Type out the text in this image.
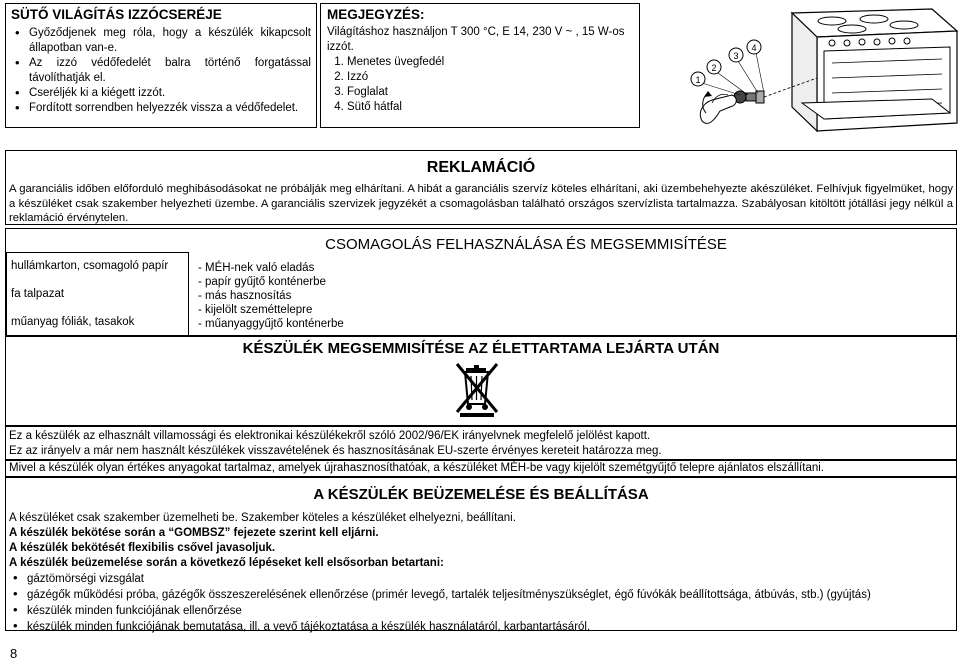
SÜTŐ VILÁGÍTÁS IZZÓCSERÉJE
• Győződjenek meg róla, hogy a készülék kikapcsolt állapotban van-e.
• Az izzó védőfedelét balra történő forgatással távolíthatják el.
• Cseréljék ki a kiégett izzót.
• Fordított sorrendben helyezzék vissza a védőfedelet.
MEGJEGYZÉS:
Világításhoz használjon T 300 °C, E 14, 230 V ~ , 15 W-os izzót.
1. Menetes üvegfedél
2. Izzó
3. Foglalat
4. Sütő hátfal
1
2
3
4
REKLAMÁCIÓ
A garanciális időben előforduló meghibásodásokat ne próbálják meg elhárítani. A hibát a garanciális szervíz köteles elhárítani, aki üzembehehyezte akészüléket. Felhívjuk figyelmüket, hogy a készüléket csak szakember helyezheti üzembe. A garanciális szervizek jegyzékét a csomagolásban található országos szervízlista tartalmazza. Szabályosan kitöltött jótállási jegy nélkül a reklamáció érvénytelen.
CSOMAGOLÁS FELHASZNÁLÁSA ÉS MEGSEMMISÍTÉSE
hullámkarton, csomagoló papír
fa talpazat
műanyag fóliák, tasakok
- MÉH-nek való eladás
- papír gyűjtő konténerbe
- más hasznosítás
- kijelölt szeméttelepre
- műanyaggyűjtő konténerbe
KÉSZÜLÉK MEGSEMMISÍTÉSE AZ ÉLETTARTAMA LEJÁRTA UTÁN
Ez a készülék az elhasznált villamossági és elektronikai készülékekről szóló 2002/96/EK irányelvnek megfelelő jelölést kapott.
Ez az irányelv a már nem használt készülékek visszavételének és hasznosításának EU-szerte érvényes kereteit határozza meg.
Mivel a készülék olyan értékes anyagokat tartalmaz, amelyek újrahasznosíthatóak, a készüléket MÉH-be vagy kijelölt szemétgyűjtő telepre ajánlatos elszállítani.
A KÉSZÜLÉK BEÜZEMELÉSE ÉS BEÁLLÍTÁSA
A készüléket csak szakember üzemelheti be. Szakember köteles a készüléket elhelyezni, beállítani.
A készülék bekötése során a “GOMBSZ” fejezete szerint kell eljárni.
A készülék bekötését flexibilis csővel javasoljuk.
A készülék beüzemelése során a következő lépéseket kell elsősorban betartani:
• gáztömörségi vizsgálat
• gázégők működési próba, gázégők összeszerelésének ellenőrzése (primér levegő, tartalék teljesítményszükséglet, égő fúvókák beállítottsága, átbúvás, stb.) (gyújtás)
• készülék minden funkciójának ellenőrzése
• készülék minden funkciójának bemutatása, ill. a vevő tájékoztatása a készülék használatáról, karbantartásáról.
8
